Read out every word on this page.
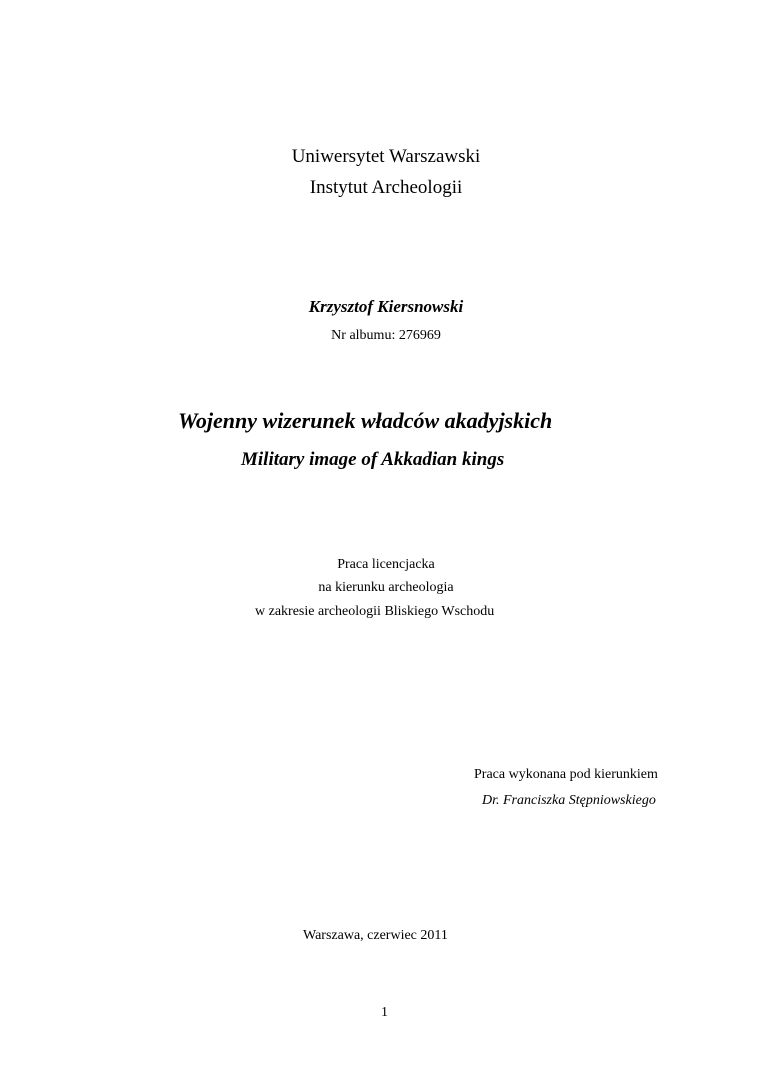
Uniwersytet Warszawski
Instytut Archeologii
Krzysztof Kiersnowski
Nr albumu: 276969
Wojenny wizerunek władców akadyjskich
Military image of Akkadian kings
Praca licencjacka
na kierunku archeologia
w zakresie archeologii Bliskiego Wschodu
Praca wykonana pod kierunkiem
Dr. Franciszka Stępniowskiego
Warszawa, czerwiec 2011
1
